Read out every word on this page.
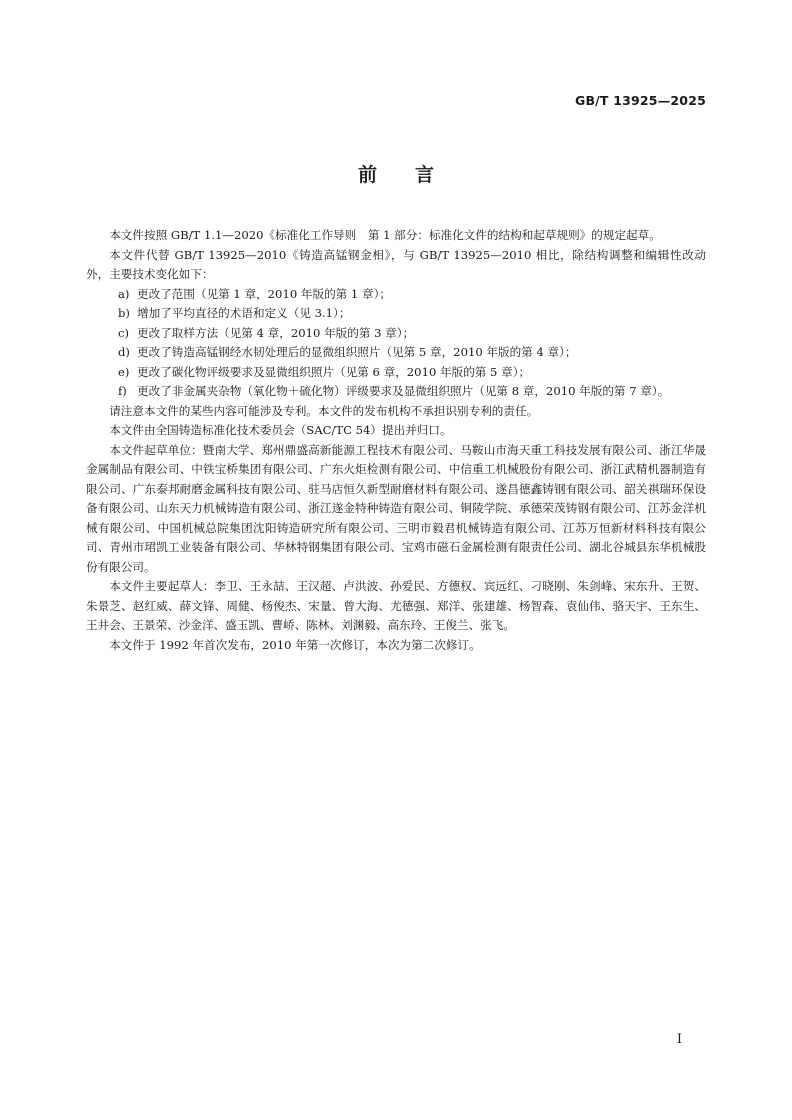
GB/T 13925—2025
前言

本文件按照 GB/T 1.1—2020《标准化工作导则　第 1 部分：标准化文件的结构和起草规则》的规定起草。

本文件代替 GB/T 13925—2010《铸造高锰钢金相》，与 GB/T 13925—2010 相比，除结构调整和编辑性改动外，主要技术变化如下：

a) 更改了范围（见第 1 章，2010 年版的第 1 章）；
b) 增加了平均直径的术语和定义（见 3.1）；
c) 更改了取样方法（见第 4 章，2010 年版的第 3 章）；
d) 更改了铸造高锰钢经水韧处理后的显微组织照片（见第 5 章，2010 年版的第 4 章）；
e) 更改了碳化物评级要求及显微组织照片（见第 6 章，2010 年版的第 5 章）；
f) 更改了非金属夹杂物（氧化物＋硫化物）评级要求及显微组织照片（见第 8 章，2010 年版的第 7 章）。

请注意本文件的某些内容可能涉及专利。本文件的发布机构不承担识别专利的责任。

本文件由全国铸造标准化技术委员会（SAC/TC 54）提出并归口。

本文件起草单位：暨南大学、郑州鼎盛高新能源工程技术有限公司、马鞍山市海天重工科技发展有限公司、浙江华晟金属制品有限公司、中铁宝桥集团有限公司、广东火炬检测有限公司、中信重工机械股份有限公司、浙江武精机器制造有限公司、广东泰邦耐磨金属科技有限公司、驻马店恒久新型耐磨材料有限公司、遂昌德鑫铸钢有限公司、韶关祺瑞环保设备有限公司、山东天力机械铸造有限公司、浙江遂金特种铸造有限公司、铜陵学院、承德荣茂铸钢有限公司、江苏金洋机械有限公司、中国机械总院集团沈阳铸造研究所有限公司、三明市毅君机械铸造有限公司、江苏万恒新材料科技有限公司、青州市珺凯工业装备有限公司、华林特钢集团有限公司、宝鸡市磁石金属检测有限责任公司、湖北谷城县东华机械股份有限公司。

本文件主要起草人：李卫、王永喆、王汉超、卢洪波、孙爱民、方德权、宾远红、刁晓刚、朱剑峰、宋东升、王贺、朱景芝、赵红威、薛文锋、周健、杨俊杰、宋量、曾大海、尤德强、郑洋、张建雄、杨智森、袁仙伟、骆天宇、王东生、王井会、王景荣、沙金洋、盛玉凯、曹峤、陈林、刘渊毅、高东玲、王俊兰、张飞。

本文件于 1992 年首次发布，2010 年第一次修订，本次为第二次修订。

I
